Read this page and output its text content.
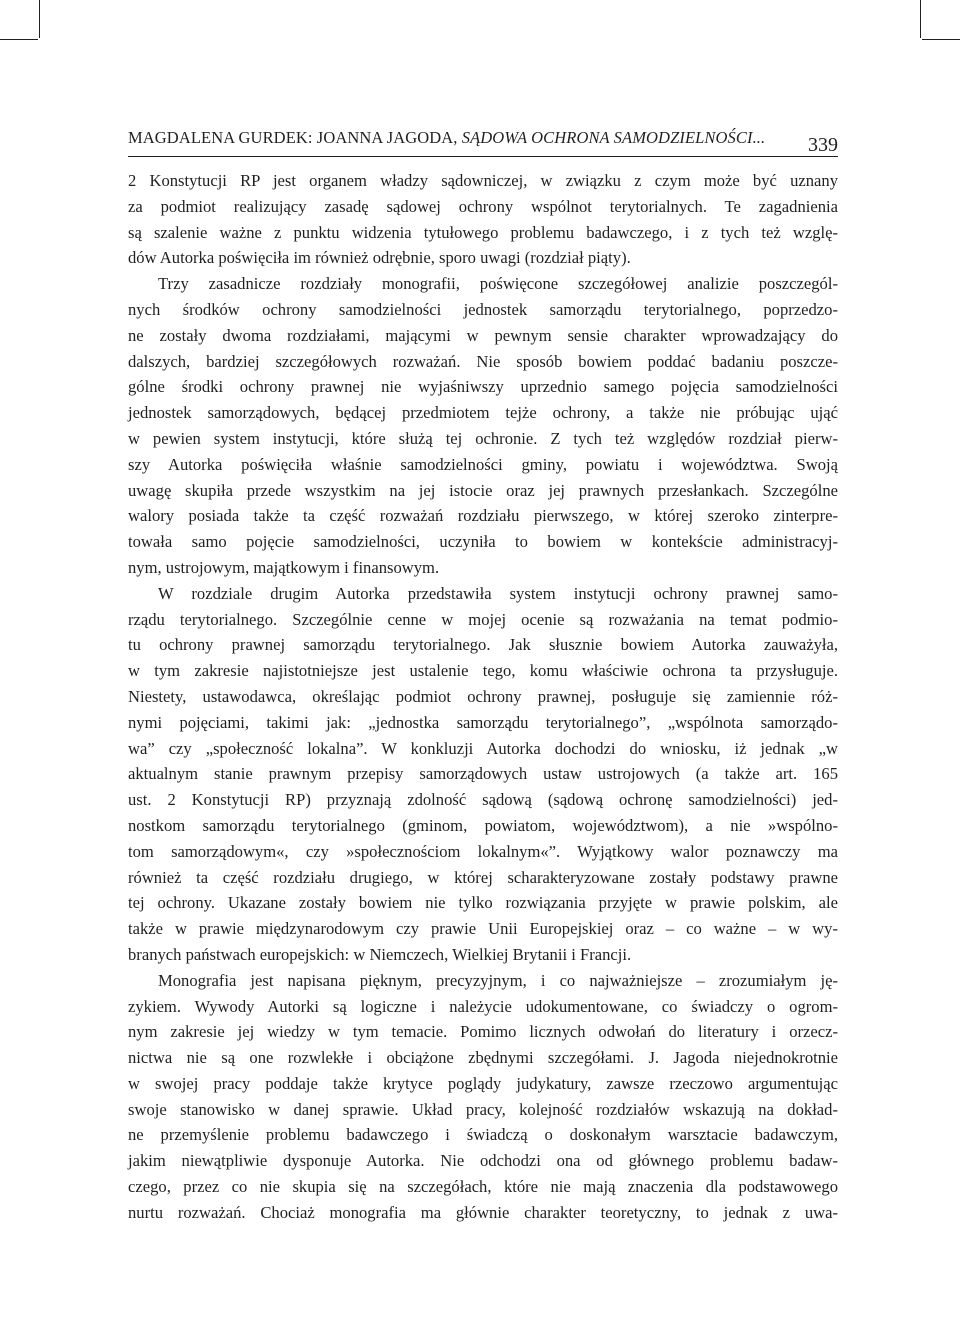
MAGDALENA GURDEK: JOANNA JAGODA, SĄDOWA OCHRONA SAMODZIELNOŚCI... 339
2 Konstytucji RP jest organem władzy sądowniczej, w związku z czym może być uznany
za podmiot realizujący zasadę sądowej ochrony wspólnot terytorialnych. Te zagadnienia
są szalenie ważne z punktu widzenia tytułowego problemu badawczego, i z tych też wzglę-
dów Autorka poświęciła im również odrębnie, sporo uwagi (rozdział piąty).
Trzy zasadnicze rozdziały monografii, poświęcone szczegółowej analizie poszczegól-
nych środków ochrony samodzielności jednostek samorządu terytorialnego, poprzedzo-
ne zostały dwoma rozdziałami, mającymi w pewnym sensie charakter wprowadzający do
dalszych, bardziej szczegółowych rozważań. Nie sposób bowiem poddać badaniu poszcze-
gólne środki ochrony prawnej nie wyjaśniwszy uprzednio samego pojęcia samodzielności
jednostek samorządowych, będącej przedmiotem tejże ochrony, a także nie próbując ująć
w pewien system instytucji, które służą tej ochronie. Z tych też względów rozdział pierw-
szy Autorka poświęciła właśnie samodzielności gminy, powiatu i województwa. Swoją
uwagę skupiła przede wszystkim na jej istocie oraz jej prawnych przesłankach. Szczególne
walory posiada także ta część rozważań rozdziału pierwszego, w której szeroko zinterpre-
towała samo pojęcie samodzielności, uczyniła to bowiem w kontekście administracyj-
nym, ustrojowym, majątkowym i finansowym.
W rozdziale drugim Autorka przedstawiła system instytucji ochrony prawnej samo-
rządu terytorialnego. Szczególnie cenne w mojej ocenie są rozważania na temat podmio-
tu ochrony prawnej samorządu terytorialnego. Jak słusznie bowiem Autorka zauważyła,
w tym zakresie najistotniejsze jest ustalenie tego, komu właściwie ochrona ta przysługuje.
Niestety, ustawodawca, określając podmiot ochrony prawnej, posługuje się zamiennie róż-
nymi pojęciami, takimi jak: „jednostka samorządu terytorialnego”, „wspólnota samorządo-
wa” czy „społeczność lokalna”. W konkluzji Autorka dochodzi do wniosku, iż jednak „w
aktualnym stanie prawnym przepisy samorządowych ustaw ustrojowych (a także art. 165
ust. 2 Konstytucji RP) przyznają zdolność sądową (sądową ochronę samodzielności) jed-
nostkom samorządu terytorialnego (gminom, powiatom, województwom), a nie »wspólno-
tom samorządowym«, czy »społecznościom lokalnym«”. Wyjątkowy walor poznawczy ma
również ta część rozdziału drugiego, w której scharakteryzowane zostały podstawy prawne
tej ochrony. Ukazane zostały bowiem nie tylko rozwiązania przyjęte w prawie polskim, ale
także w prawie międzynarodowym czy prawie Unii Europejskiej oraz – co ważne – w wy-
branych państwach europejskich: w Niemczech, Wielkiej Brytanii i Francji.
Monografia jest napisana pięknym, precyzyjnym, i co najważniejsze – zrozumiałym ję-
zykiem. Wywody Autorki są logiczne i należycie udokumentowane, co świadczy o ogrom-
nym zakresie jej wiedzy w tym temacie. Pomimo licznych odwołań do literatury i orzecz-
nictwa nie są one rozwlekłe i obciążone zbędnymi szczegółami. J. Jagoda niejednokrotnie
w swojej pracy poddaje także krytyce poglądy judykatury, zawsze rzeczowo argumentując
swoje stanowisko w danej sprawie. Układ pracy, kolejność rozdziałów wskazują na dokład-
ne przemyślenie problemu badawczego i świadczą o doskonałym warsztacie badawczym,
jakim niewątpliwie dysponuje Autorka. Nie odchodzi ona od głównego problemu badaw-
czego, przez co nie skupia się na szczegółach, które nie mają znaczenia dla podstawowego
nurtu rozważań. Chociaż monografia ma głównie charakter teoretyczny, to jednak z uwa-
